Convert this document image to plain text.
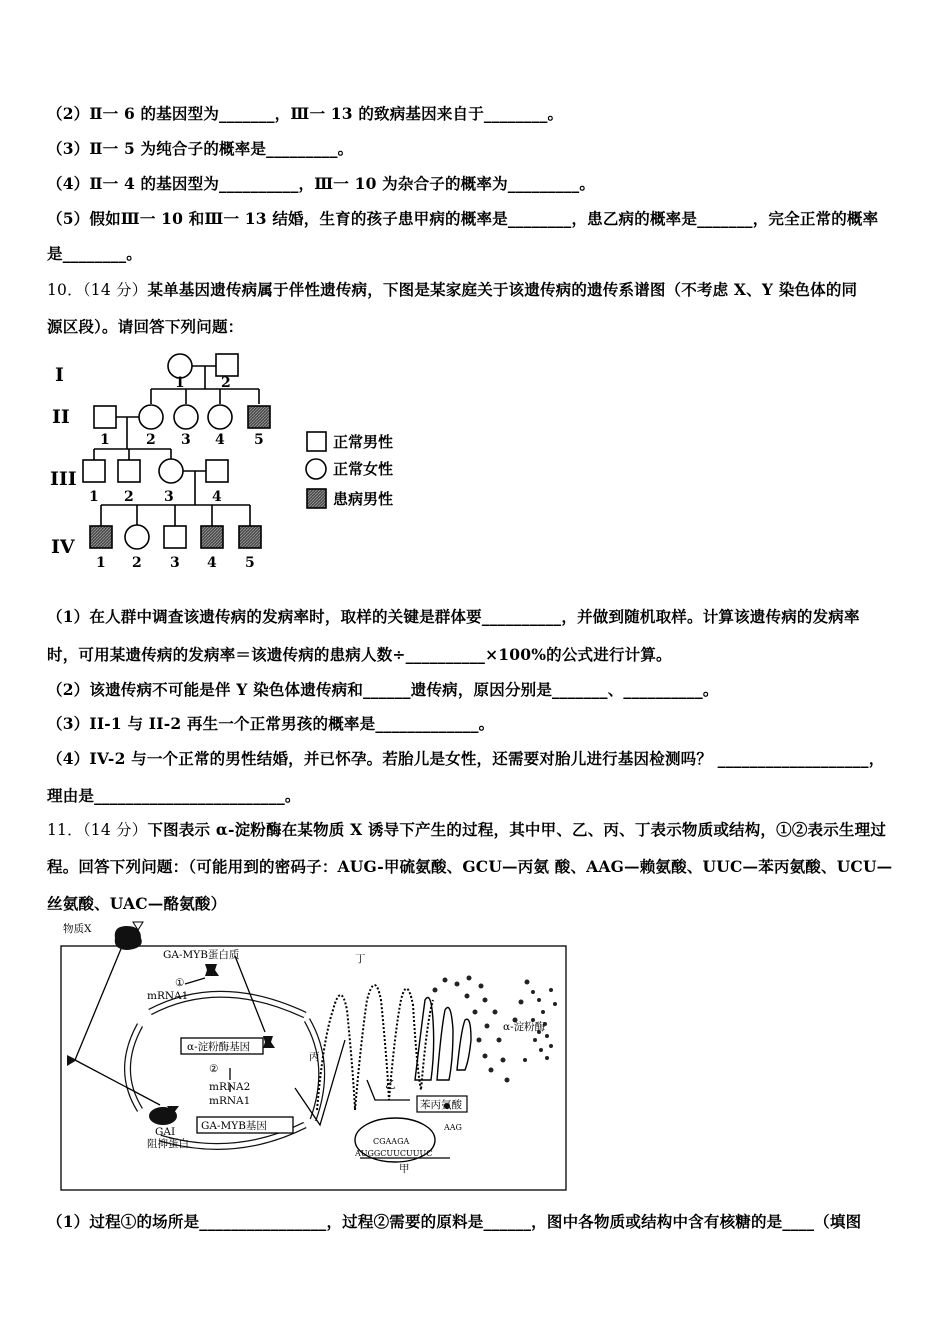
（2）Ⅱ一 6 的基因型为_______，Ⅲ一 13 的致病基因来自于________。
（3）Ⅱ一 5 为纯合子的概率是_________。
（4）Ⅱ一 4 的基因型为__________，Ⅲ一 10 为杂合子的概率为_________。
（5）假如Ⅲ一 10 和Ⅲ一 13 结婚，生育的孩子患甲病的概率是________，患乙病的概率是_______，完全正常的概率
是________。
10．（14 分）某单基因遗传病属于伴性遗传病，下图是某家庭关于该遗传病的遗传系谱图（不考虑 X、Y 染色体的同
源区段）。请回答下列问题：
I
II
III
IV
1	2
1	2 3 4 5
1 2 3	4
1 2 3 4 5
正常男性
正常女性
患病男性
（1）在人群中调查该遗传病的发病率时，取样的关键是群体要__________，并做到随机取样。计算该遗传病的发病率
时，可用某遗传病的发病率＝该遗传病的患病人数÷__________×100%的公式进行计算。
（2）该遗传病不可能是伴 Y 染色体遗传病和______遗传病，原因分别是_______、__________。
（3）II-1 与 II-2 再生一个正常男孩的概率是_____________。
（4）IV-2 与一个正常的男性结婚，并已怀孕。若胎儿是女性，还需要对胎儿进行基因检测吗？ ___________________，
理由是________________________。
11．（14 分）下图表示 α-淀粉酶在某物质 X 诱导下产生的过程，其中甲、乙、丙、丁表示物质或结构，①②表示生理过
程。回答下列问题：（可能用到的密码子：AUG-甲硫氨酸、GCU—丙氨 酸、AAG—赖氨酸、UUC—苯丙氨酸、UCU—
丝氨酸、UAC—酪氨酸）
物质X
GA-MYB蛋白质
①
mRNA1
α-淀粉酶基因
②
mRNA2
mRNA1
GA-MYB基因
GAI
阻抑蛋白
丁
丙
乙
甲
α-淀粉酶
苯丙氨酸
AAG
CGAAGA
AUGGCUUCUUUC
（1）过程①的场所是________________，过程②需要的原料是______，图中各物质或结构中含有核糖的是____（填图
